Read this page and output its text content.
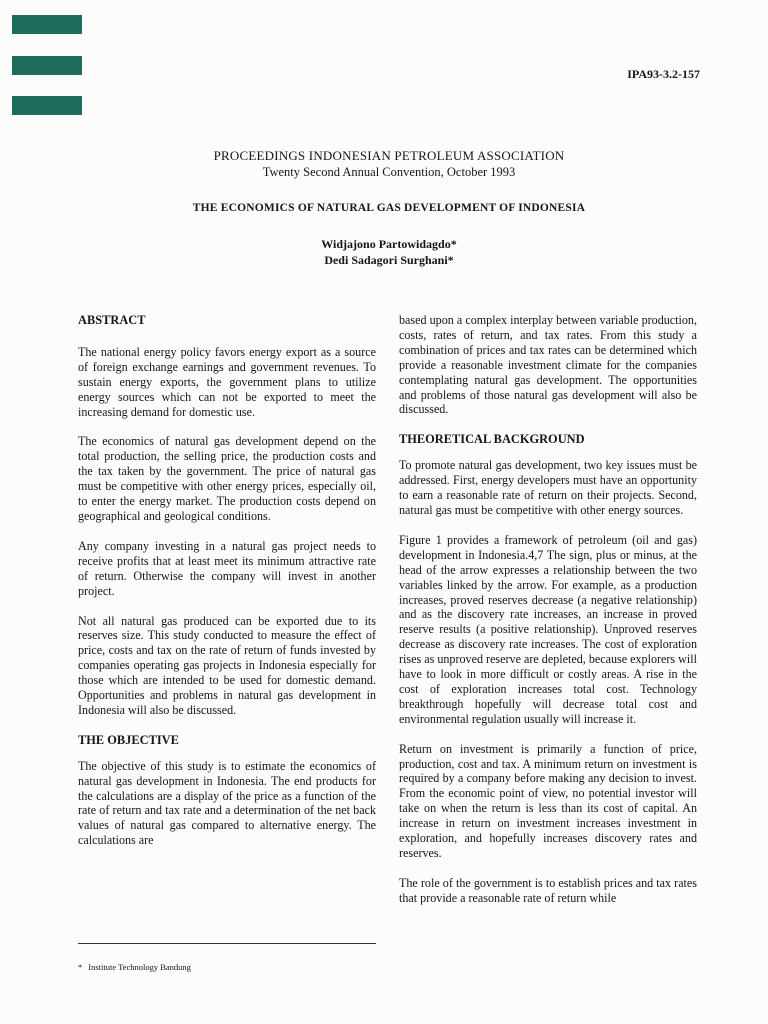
IPA93-3.2-157
PROCEEDINGS INDONESIAN PETROLEUM ASSOCIATION
Twenty Second Annual Convention, October 1993
THE ECONOMICS OF NATURAL GAS DEVELOPMENT OF INDONESIA
Widjajono Partowidagdo*
Dedi Sadagori Surghani*
ABSTRACT

The national energy policy favors energy export as a source of foreign exchange earnings and government revenues. To sustain energy exports, the government plans to utilize energy sources which can not be exported to meet the increasing demand for domestic use.

The economics of natural gas development depend on the total production, the selling price, the production costs and the tax taken by the government. The price of natural gas must be competitive with other energy prices, especially oil, to enter the energy market. The production costs depend on geographical and geological conditions.

Any company investing in a natural gas project needs to receive profits that at least meet its minimum attractive rate of return. Otherwise the company will invest in another project.

Not all natural gas produced can be exported due to its reserves size. This study conducted to measure the effect of price, costs and tax on the rate of return of funds invested by companies operating gas projects in Indonesia especially for those which are intended to be used for domestic demand. Opportunities and problems in natural gas development in Indonesia will also be discussed.

THE OBJECTIVE

The objective of this study is to estimate the economics of natural gas development in Indonesia. The end products for the calculations are a display of the price as a function of the rate of return and tax rate and a determination of the net back values of natural gas compared to alternative energy. The calculations are

based upon a complex interplay between variable production, costs, rates of return, and tax rates. From this study a combination of prices and tax rates can be determined which provide a reasonable investment climate for the companies contemplating natural gas development. The opportunities and problems of those natural gas development will also be discussed.

THEORETICAL BACKGROUND

To promote natural gas development, two key issues must be addressed. First, energy developers must have an opportunity to earn a reasonable rate of return on their projects. Second, natural gas must be competitive with other energy sources.

Figure 1 provides a framework of petroleum (oil and gas) development in Indonesia.4,7 The sign, plus or minus, at the head of the arrow expresses a relationship between the two variables linked by the arrow. For example, as a production increases, proved reserves decrease (a negative relationship) and as the discovery rate increases, an increase in proved reserve results (a positive relationship). Unproved reserves decrease as discovery rate increases. The cost of exploration rises as unproved reserve are depleted, because explorers will have to look in more difficult or costly areas. A rise in the cost of exploration increases total cost. Technology breakthrough hopefully will decrease total cost and environmental regulation usually will increase it.

Return on investment is primarily a function of price, production, cost and tax. A minimum return on investment is required by a company before making any decision to invest. From the economic point of view, no potential investor will take on when the return is less than its cost of capital. An increase in return on investment increases investment in exploration, and hopefully increases discovery rates and reserves.

The role of the government is to establish prices and tax rates that provide a reasonable rate of return while

* Institute Technology Bandung
